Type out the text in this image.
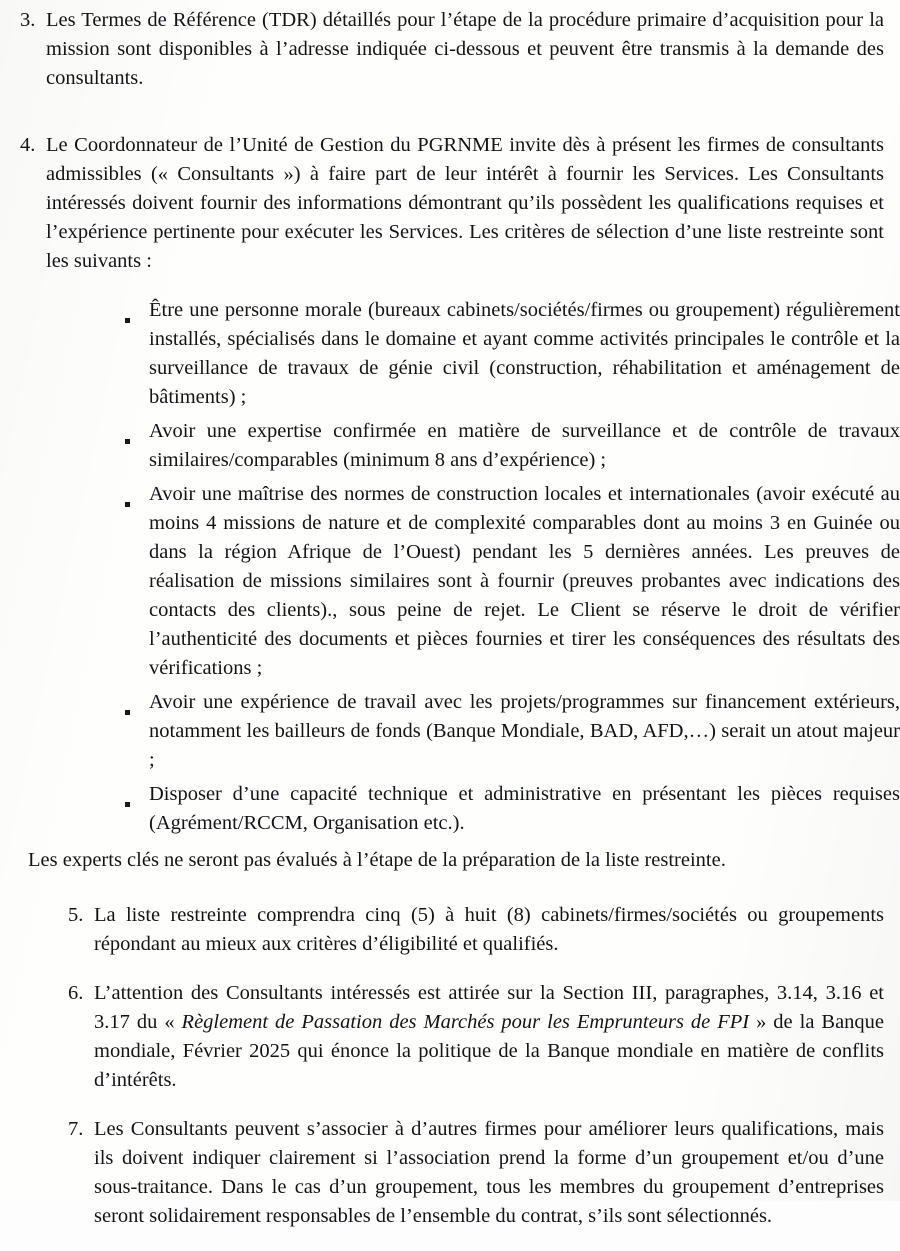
3. Les Termes de Référence (TDR) détaillés pour l’étape de la procédure primaire d’acquisition pour la mission sont disponibles à l’adresse indiquée ci-dessous et peuvent être transmis à la demande des consultants.
4. Le Coordonnateur de l’Unité de Gestion du PGRNME invite dès à présent les firmes de consultants admissibles (« Consultants ») à faire part de leur intérêt à fournir les Services. Les Consultants intéressés doivent fournir des informations démontrant qu’ils possèdent les qualifications requises et l’expérience pertinente pour exécuter les Services. Les critères de sélection d’une liste restreinte sont les suivants :
Être une personne morale (bureaux cabinets/sociétés/firmes ou groupement) régulièrement installés, spécialisés dans le domaine et ayant comme activités principales le contrôle et la surveillance de travaux de génie civil (construction, réhabilitation et aménagement de bâtiments) ;
Avoir une expertise confirmée en matière de surveillance et de contrôle de travaux similaires/comparables (minimum 8 ans d’expérience) ;
Avoir une maîtrise des normes de construction locales et internationales (avoir exécuté au moins 4 missions de nature et de complexité comparables dont au moins 3 en Guinée ou dans la région Afrique de l’Ouest) pendant les 5 dernières années. Les preuves de réalisation de missions similaires sont à fournir (preuves probantes avec indications des contacts des clients)., sous peine de rejet. Le Client se réserve le droit de vérifier l’authenticité des documents et pièces fournies et tirer les conséquences des résultats des vérifications ;
Avoir une expérience de travail avec les projets/programmes sur financement extérieurs, notamment les bailleurs de fonds (Banque Mondiale, BAD, AFD,…) serait un atout majeur ;
Disposer d’une capacité technique et administrative en présentant les pièces requises (Agrément/RCCM, Organisation etc.).
Les experts clés ne seront pas évalués à l’étape de la préparation de la liste restreinte.
5. La liste restreinte comprendra cinq (5) à huit (8) cabinets/firmes/sociétés ou groupements répondant au mieux aux critères d’éligibilité et qualifiés.
6. L’attention des Consultants intéressés est attirée sur la Section III, paragraphes, 3.14, 3.16 et 3.17 du « Règlement de Passation des Marchés pour les Emprunteurs de FPI » de la Banque mondiale, Février 2025 qui énonce la politique de la Banque mondiale en matière de conflits d’intérêts.
7. Les Consultants peuvent s’associer à d’autres firmes pour améliorer leurs qualifications, mais ils doivent indiquer clairement si l’association prend la forme d’un groupement et/ou d’une sous-traitance. Dans le cas d’un groupement, tous les membres du groupement d’entreprises seront solidairement responsables de l’ensemble du contrat, s’ils sont sélectionnés.
